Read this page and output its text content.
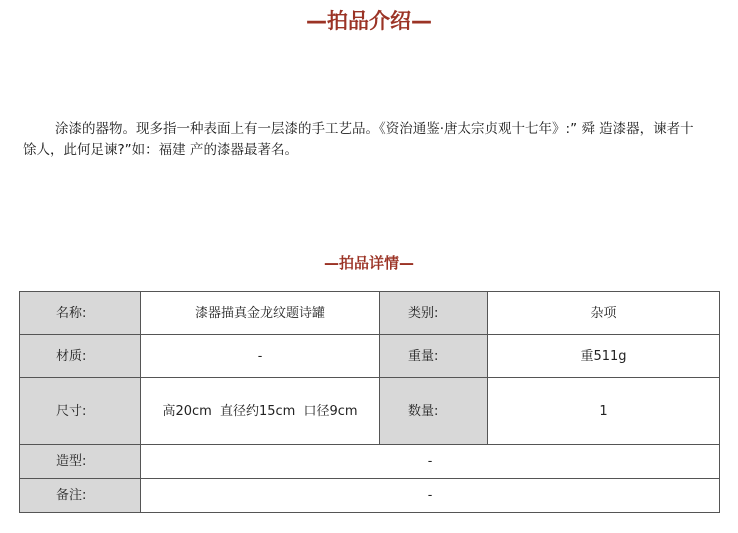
—拍品介绍—

涂漆的器物。现多指一种表面上有一层漆的手工艺品。《资治通鉴·唐太宗贞观十七年》:” 舜 造漆器，谏者十馀人，此何足谏?”如：福建 产的漆器最著名。

—拍品详情—
名称:	漆器描真金龙纹题诗罐	类别:	杂项
材质:	-	重量:	重511g
尺寸:	高20cm 直径约15cm 口径9cm	数量:	1
造型:	-		
备注:	-		
